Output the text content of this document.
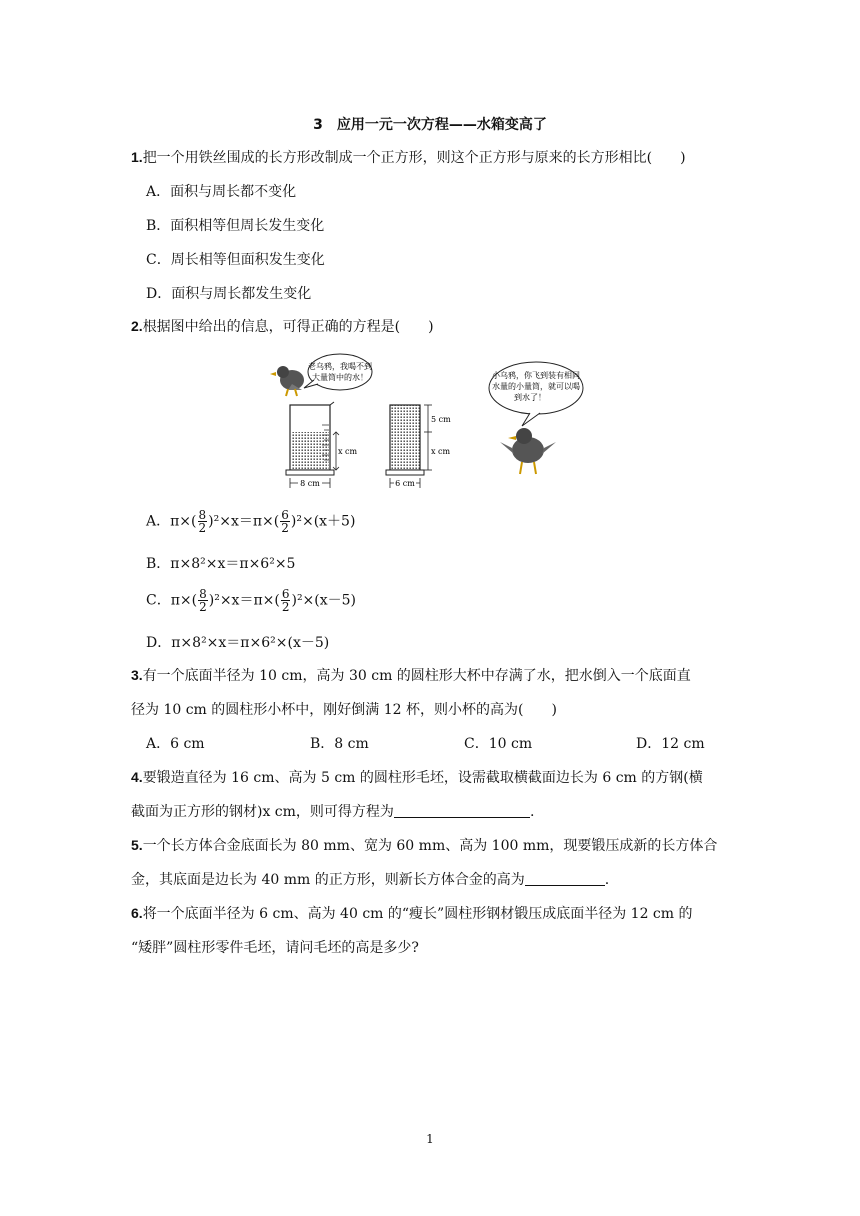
3　应用一元一次方程——水箱变高了
1.把一个用铁丝围成的长方形改制成一个正方形，则这个正方形与原来的长方形相比(　　)
A．面积与周长都不变化
B．面积相等但周长发生变化
C．周长相等但面积发生变化
D．面积与周长都发生变化
2.根据图中给出的信息，可得正确的方程是(　　)
老乌鸦，我喝不到
大量筒中的水！	小乌鸦，你飞到装有相同
水量的小量筒，就可以喝
到水了！
x cm
8 cm
5 cm
x cm
6 cm
A．$\pi\times( \frac{8}{2} )^2\times x=\pi\times( \frac{6}{2} )^2\times(x+5)$
B．π×8²×x＝π×6²×5
C．$\pi\times( \frac{8}{2} )^2\times x=\pi\times( \frac{6}{2} )^2\times(x-5)$
D．π×8²×x＝π×6²×(x－5)
3.有一个底面半径为 10 cm，高为 30 cm 的圆柱形大杯中存满了水，把水倒入一个底面直
径为 10 cm 的圆柱形小杯中，刚好倒满 12 杯，则小杯的高为(　　)
A．6 cm	B．8 cm	C．10 cm	D．12 cm
4.要锻造直径为 16 cm、高为 5 cm 的圆柱形毛坯，设需截取横截面边长为 6 cm 的方钢(横
截面为正方形的钢材)x cm，则可得方程为	.
5.一个长方体合金底面长为 80 mm、宽为 60 mm、高为 100 mm，现要锻压成新的长方体合
金，其底面是边长为 40 mm 的正方形，则新长方体合金的高为	.
6.将一个底面半径为 6 cm、高为 40 cm 的“瘦长”圆柱形钢材锻压成底面半径为 12 cm 的
“矮胖”圆柱形零件毛坯，请问毛坯的高是多少?
1
